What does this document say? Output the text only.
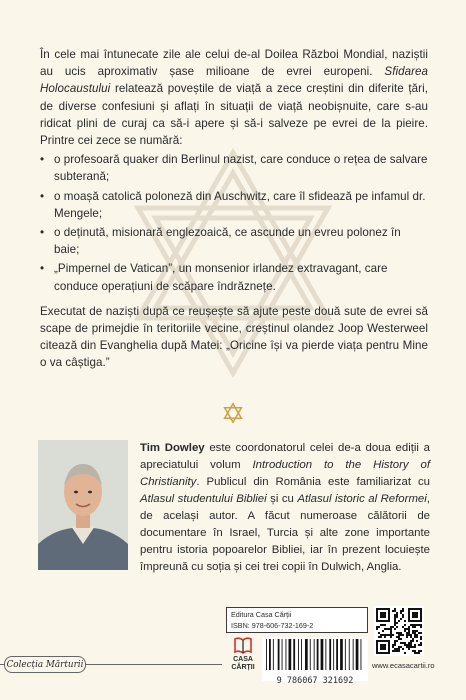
În cele mai întunecate zile ale celui de-al Doilea Război Mondial, naziștii au ucis aproximativ șase milioane de evrei europeni. Sfidarea Holocaustului relatează poveștile de viață a zece creștini din diferite țări, de diverse confesiuni și aflați în situații de viață neobișnuite, care s-au ridicat plini de curaj ca să-i apere și să-i salveze pe evrei de la pieire. Printre cei zece se numără:

• o profesoară quaker din Berlinul nazist, care conduce o rețea de salvare subterană;
• o moașă catolică poloneză din Auschwitz, care îl sfidează pe infamul dr. Mengele;
• o deținută, misionară englezoaică, ce ascunde un evreu polonez în baie;
• „Pimpernel de Vatican”, un monsenior irlandez extravagant, care conduce operațiuni de scăpare îndrăznețe.

Executat de naziști după ce reușește să ajute peste două sute de evrei să scape de primejdie în teritoriile vecine, creștinul olandez Joop Westerweel citează din Evanghelia după Matei: „Oricine își va pierde viața pentru Mine o va câștiga.”

Tim Dowley este coordonatorul celei de-a doua ediții a apreciatului volum Introduction to the History of Christianity. Publicul din România este familiarizat cu Atlasul studentului Bibliei și cu Atlasul istoric al Reformei, de același autor. A făcut numeroase călătorii de documentare în Israel, Turcia și alte zone importante pentru istoria popoarelor Bibliei, iar în prezent locuiește împreună cu soția și cei trei copii în Dulwich, Anglia.

Editura Casa Cărții
ISBN: 978-606-732-169-2
CASA
CĂRȚII
9 786067 321692
www.ecasacartii.ro
Colecția Mărturii
